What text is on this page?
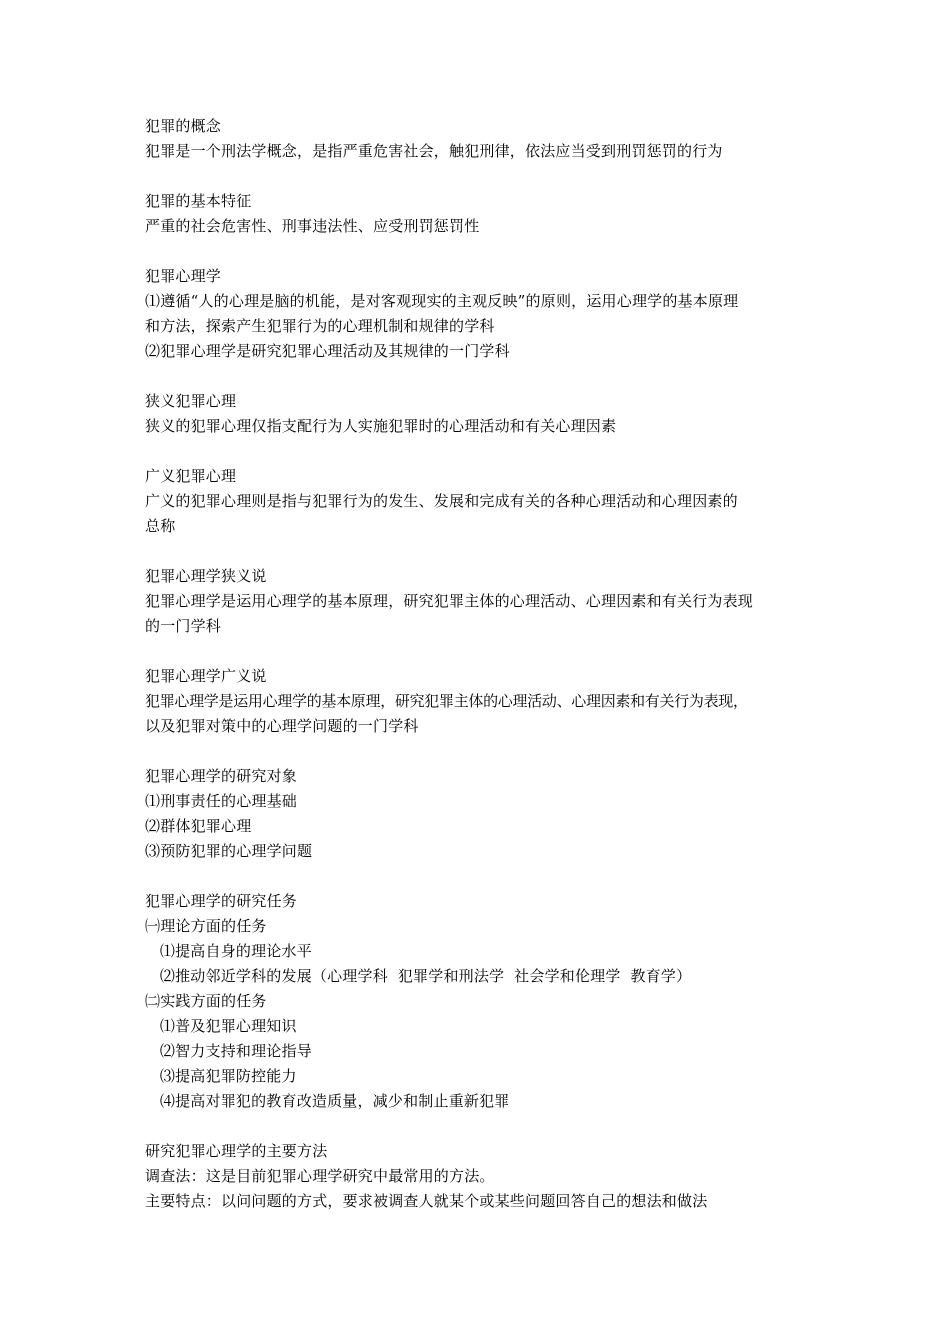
犯罪的概念
犯罪是一个刑法学概念，是指严重危害社会，触犯刑律，依法应当受到刑罚惩罚的行为
犯罪的基本特征
严重的社会危害性、刑事违法性、应受刑罚惩罚性
犯罪心理学
⑴遵循“人的心理是脑的机能，是对客观现实的主观反映”的原则，运用心理学的基本原理
和方法，探索产生犯罪行为的心理机制和规律的学科
⑵犯罪心理学是研究犯罪心理活动及其规律的一门学科
狭义犯罪心理
狭义的犯罪心理仅指支配行为人实施犯罪时的心理活动和有关心理因素
广义犯罪心理
广义的犯罪心理则是指与犯罪行为的发生、发展和完成有关的各种心理活动和心理因素的
总称
犯罪心理学狭义说
犯罪心理学是运用心理学的基本原理，研究犯罪主体的心理活动、心理因素和有关行为表现
的一门学科
犯罪心理学广义说
犯罪心理学是运用心理学的基本原理，研究犯罪主体的心理活动、心理因素和有关行为表现，
以及犯罪对策中的心理学问题的一门学科
犯罪心理学的研究对象
⑴刑事责任的心理基础
⑵群体犯罪心理
⑶预防犯罪的心理学问题
犯罪心理学的研究任务
㈠理论方面的任务
⑴提高自身的理论水平
⑵推动邻近学科的发展（心理学科  犯罪学和刑法学  社会学和伦理学  教育学）
㈡实践方面的任务
⑴普及犯罪心理知识
⑵智力支持和理论指导
⑶提高犯罪防控能力
⑷提高对罪犯的教育改造质量，减少和制止重新犯罪
研究犯罪心理学的主要方法
调查法：这是目前犯罪心理学研究中最常用的方法。
主要特点：以问问题的方式，要求被调查人就某个或某些问题回答自己的想法和做法
